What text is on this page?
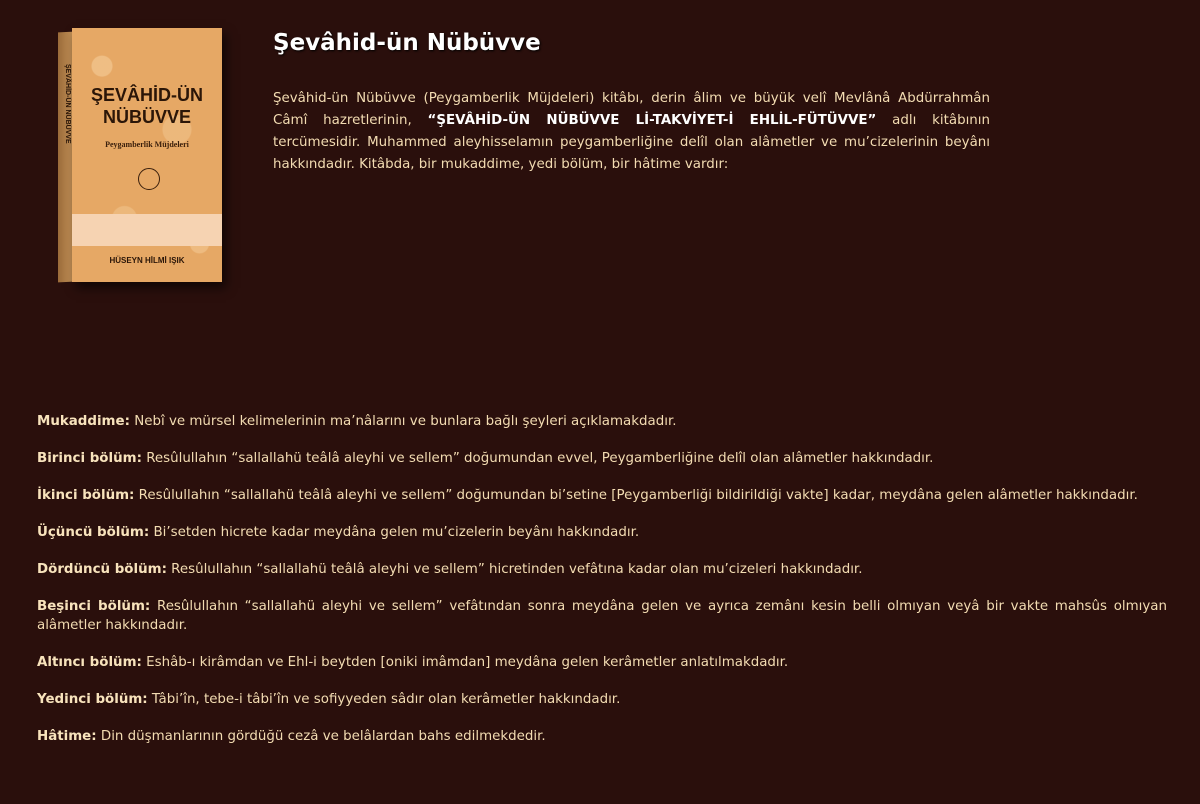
ŞEVÂHİD-ÜN NÜBÜVVE	ŞEVÂHİD-ÜN
NÜBÜVVE
Peygamberlik Müjdeleri
HÜSEYN HİLMİ IŞIK
Şevâhid-ün Nübüvve

Şevâhid-ün Nübüvve (Peygamberlik Müjdeleri) kitâbı, derin âlim ve büyük velî Mevlânâ Abdürrahmân Câmî hazretlerinin, “ŞEVÂHİD-ÜN NÜBÜVVE Lİ-TAKVİYET-İ EHLİL-FÜTÜVVE” adlı kitâbının tercümesidir. Muhammed aleyhisselamın peygamberliğine delîl olan alâmetler ve mu’cizelerinin beyânı hakkındadır. Kitâbda, bir mukaddime, yedi bölüm, bir hâtime vardır:

Mukaddime: Nebî ve mürsel kelimelerinin ma’nâlarını ve bunlara bağlı şeyleri açıklamakdadır.
Birinci bölüm: Resûlullahın “sallallahü teâlâ aleyhi ve sellem” doğumundan evvel, Peygamberliğine delîl olan alâmetler hakkındadır.
İkinci bölüm: Resûlullahın “sallallahü teâlâ aleyhi ve sellem” doğumundan bi’setine [Peygamberliği bildirildiği vakte] kadar, meydâna gelen alâmetler hakkındadır.
Üçüncü bölüm: Bi’setden hicrete kadar meydâna gelen mu’cizelerin beyânı hakkındadır.
Dördüncü bölüm: Resûlullahın “sallallahü teâlâ aleyhi ve sellem” hicretinden vefâtına kadar olan mu’cizeleri hakkındadır.
Beşinci bölüm: Resûlullahın “sallallahü aleyhi ve sellem” vefâtından sonra meydâna gelen ve ayrıca zemânı kesin belli olmıyan veyâ bir vakte mahsûs olmıyan alâmetler hakkındadır.
Altıncı bölüm: Eshâb-ı kirâmdan ve Ehl-i beytden [oniki imâmdan] meydâna gelen kerâmetler anlatılmakdadır.
Yedinci bölüm: Tâbi’în, tebe-i tâbi’în ve sofiyyeden sâdır olan kerâmetler hakkındadır.
Hâtime: Din düşmanlarının gördüğü cezâ ve belâlardan bahs edilmekdedir.
